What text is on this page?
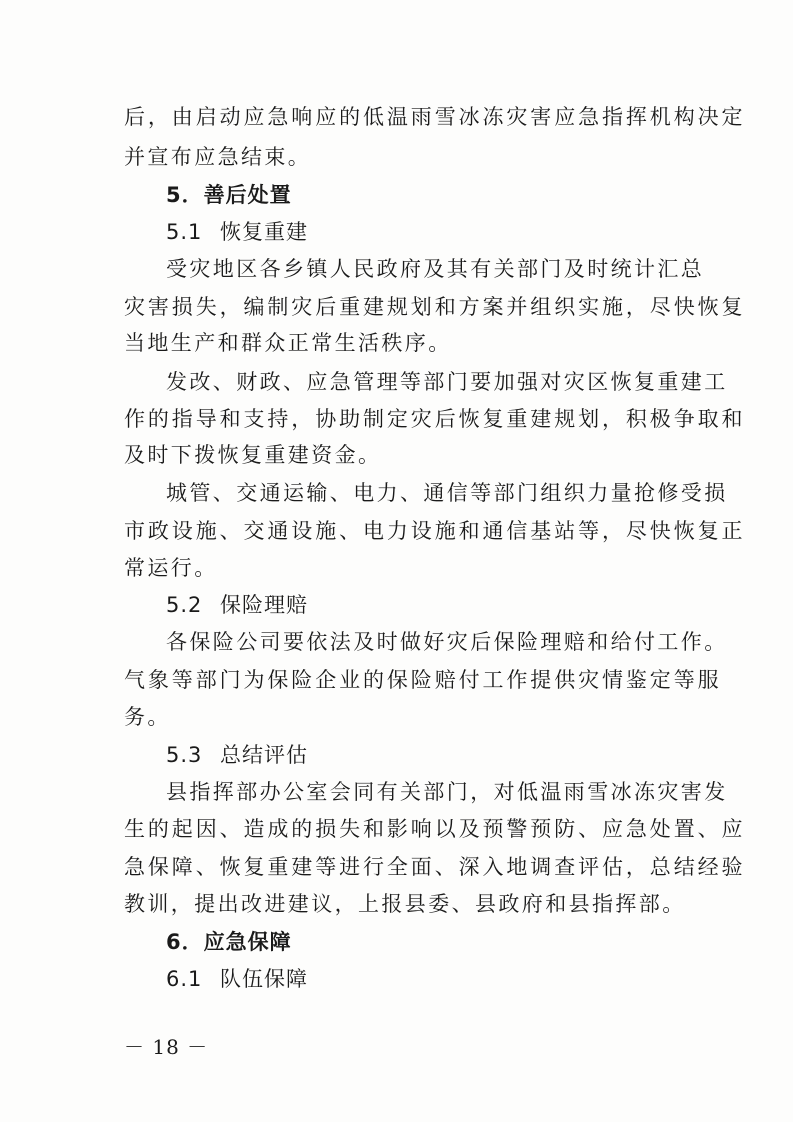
后，由启动应急响应的低温雨雪冰冻灾害应急指挥机构决定
并宣布应急结束。
5．善后处置
5.1 恢复重建
受灾地区各乡镇人民政府及其有关部门及时统计汇总
灾害损失，编制灾后重建规划和方案并组织实施，尽快恢复
当地生产和群众正常生活秩序。
发改、财政、应急管理等部门要加强对灾区恢复重建工
作的指导和支持，协助制定灾后恢复重建规划，积极争取和
及时下拨恢复重建资金。
城管、交通运输、电力、通信等部门组织力量抢修受损
市政设施、交通设施、电力设施和通信基站等，尽快恢复正
常运行。
5.2 保险理赔
各保险公司要依法及时做好灾后保险理赔和给付工作。
气象等部门为保险企业的保险赔付工作提供灾情鉴定等服
务。
5.3 总结评估
县指挥部办公室会同有关部门，对低温雨雪冰冻灾害发
生的起因、造成的损失和影响以及预警预防、应急处置、应
急保障、恢复重建等进行全面、深入地调查评估，总结经验
教训，提出改进建议，上报县委、县政府和县指挥部。
6．应急保障
6.1 队伍保障
－ 18 －
